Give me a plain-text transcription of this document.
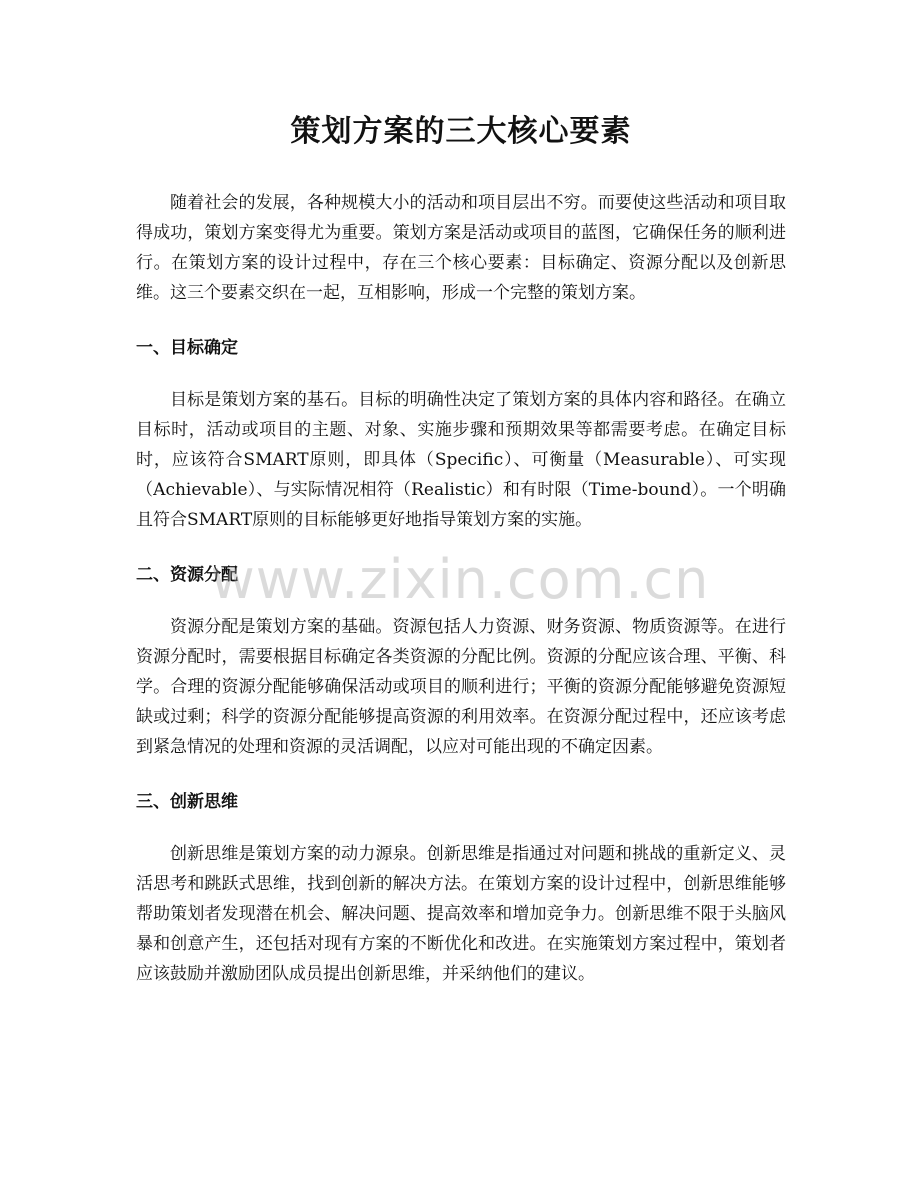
策划方案的三大核心要素

随着社会的发展，各种规模大小的活动和项目层出不穷。而要使这些活动和项目取得成功，策划方案变得尤为重要。策划方案是活动或项目的蓝图，它确保任务的顺利进行。在策划方案的设计过程中，存在三个核心要素：目标确定、资源分配以及创新思维。这三个要素交织在一起，互相影响，形成一个完整的策划方案。

一、目标确定

目标是策划方案的基石。目标的明确性决定了策划方案的具体内容和路径。在确立目标时，活动或项目的主题、对象、实施步骤和预期效果等都需要考虑。在确定目标时，应该符合SMART原则，即具体（Specific）、可衡量（Measurable）、可实现（Achievable）、与实际情况相符（Realistic）和有时限（Time-bound）。一个明确且符合SMART原则的目标能够更好地指导策划方案的实施。

二、资源分配

资源分配是策划方案的基础。资源包括人力资源、财务资源、物质资源等。在进行资源分配时，需要根据目标确定各类资源的分配比例。资源的分配应该合理、平衡、科学。合理的资源分配能够确保活动或项目的顺利进行；平衡的资源分配能够避免资源短缺或过剩；科学的资源分配能够提高资源的利用效率。在资源分配过程中，还应该考虑到紧急情况的处理和资源的灵活调配，以应对可能出现的不确定因素。

三、创新思维

创新思维是策划方案的动力源泉。创新思维是指通过对问题和挑战的重新定义、灵活思考和跳跃式思维，找到创新的解决方法。在策划方案的设计过程中，创新思维能够帮助策划者发现潜在机会、解决问题、提高效率和增加竞争力。创新思维不限于头脑风暴和创意产生，还包括对现有方案的不断优化和改进。在实施策划方案过程中，策划者应该鼓励并激励团队成员提出创新思维，并采纳他们的建议。

www.zixin.com.cn
